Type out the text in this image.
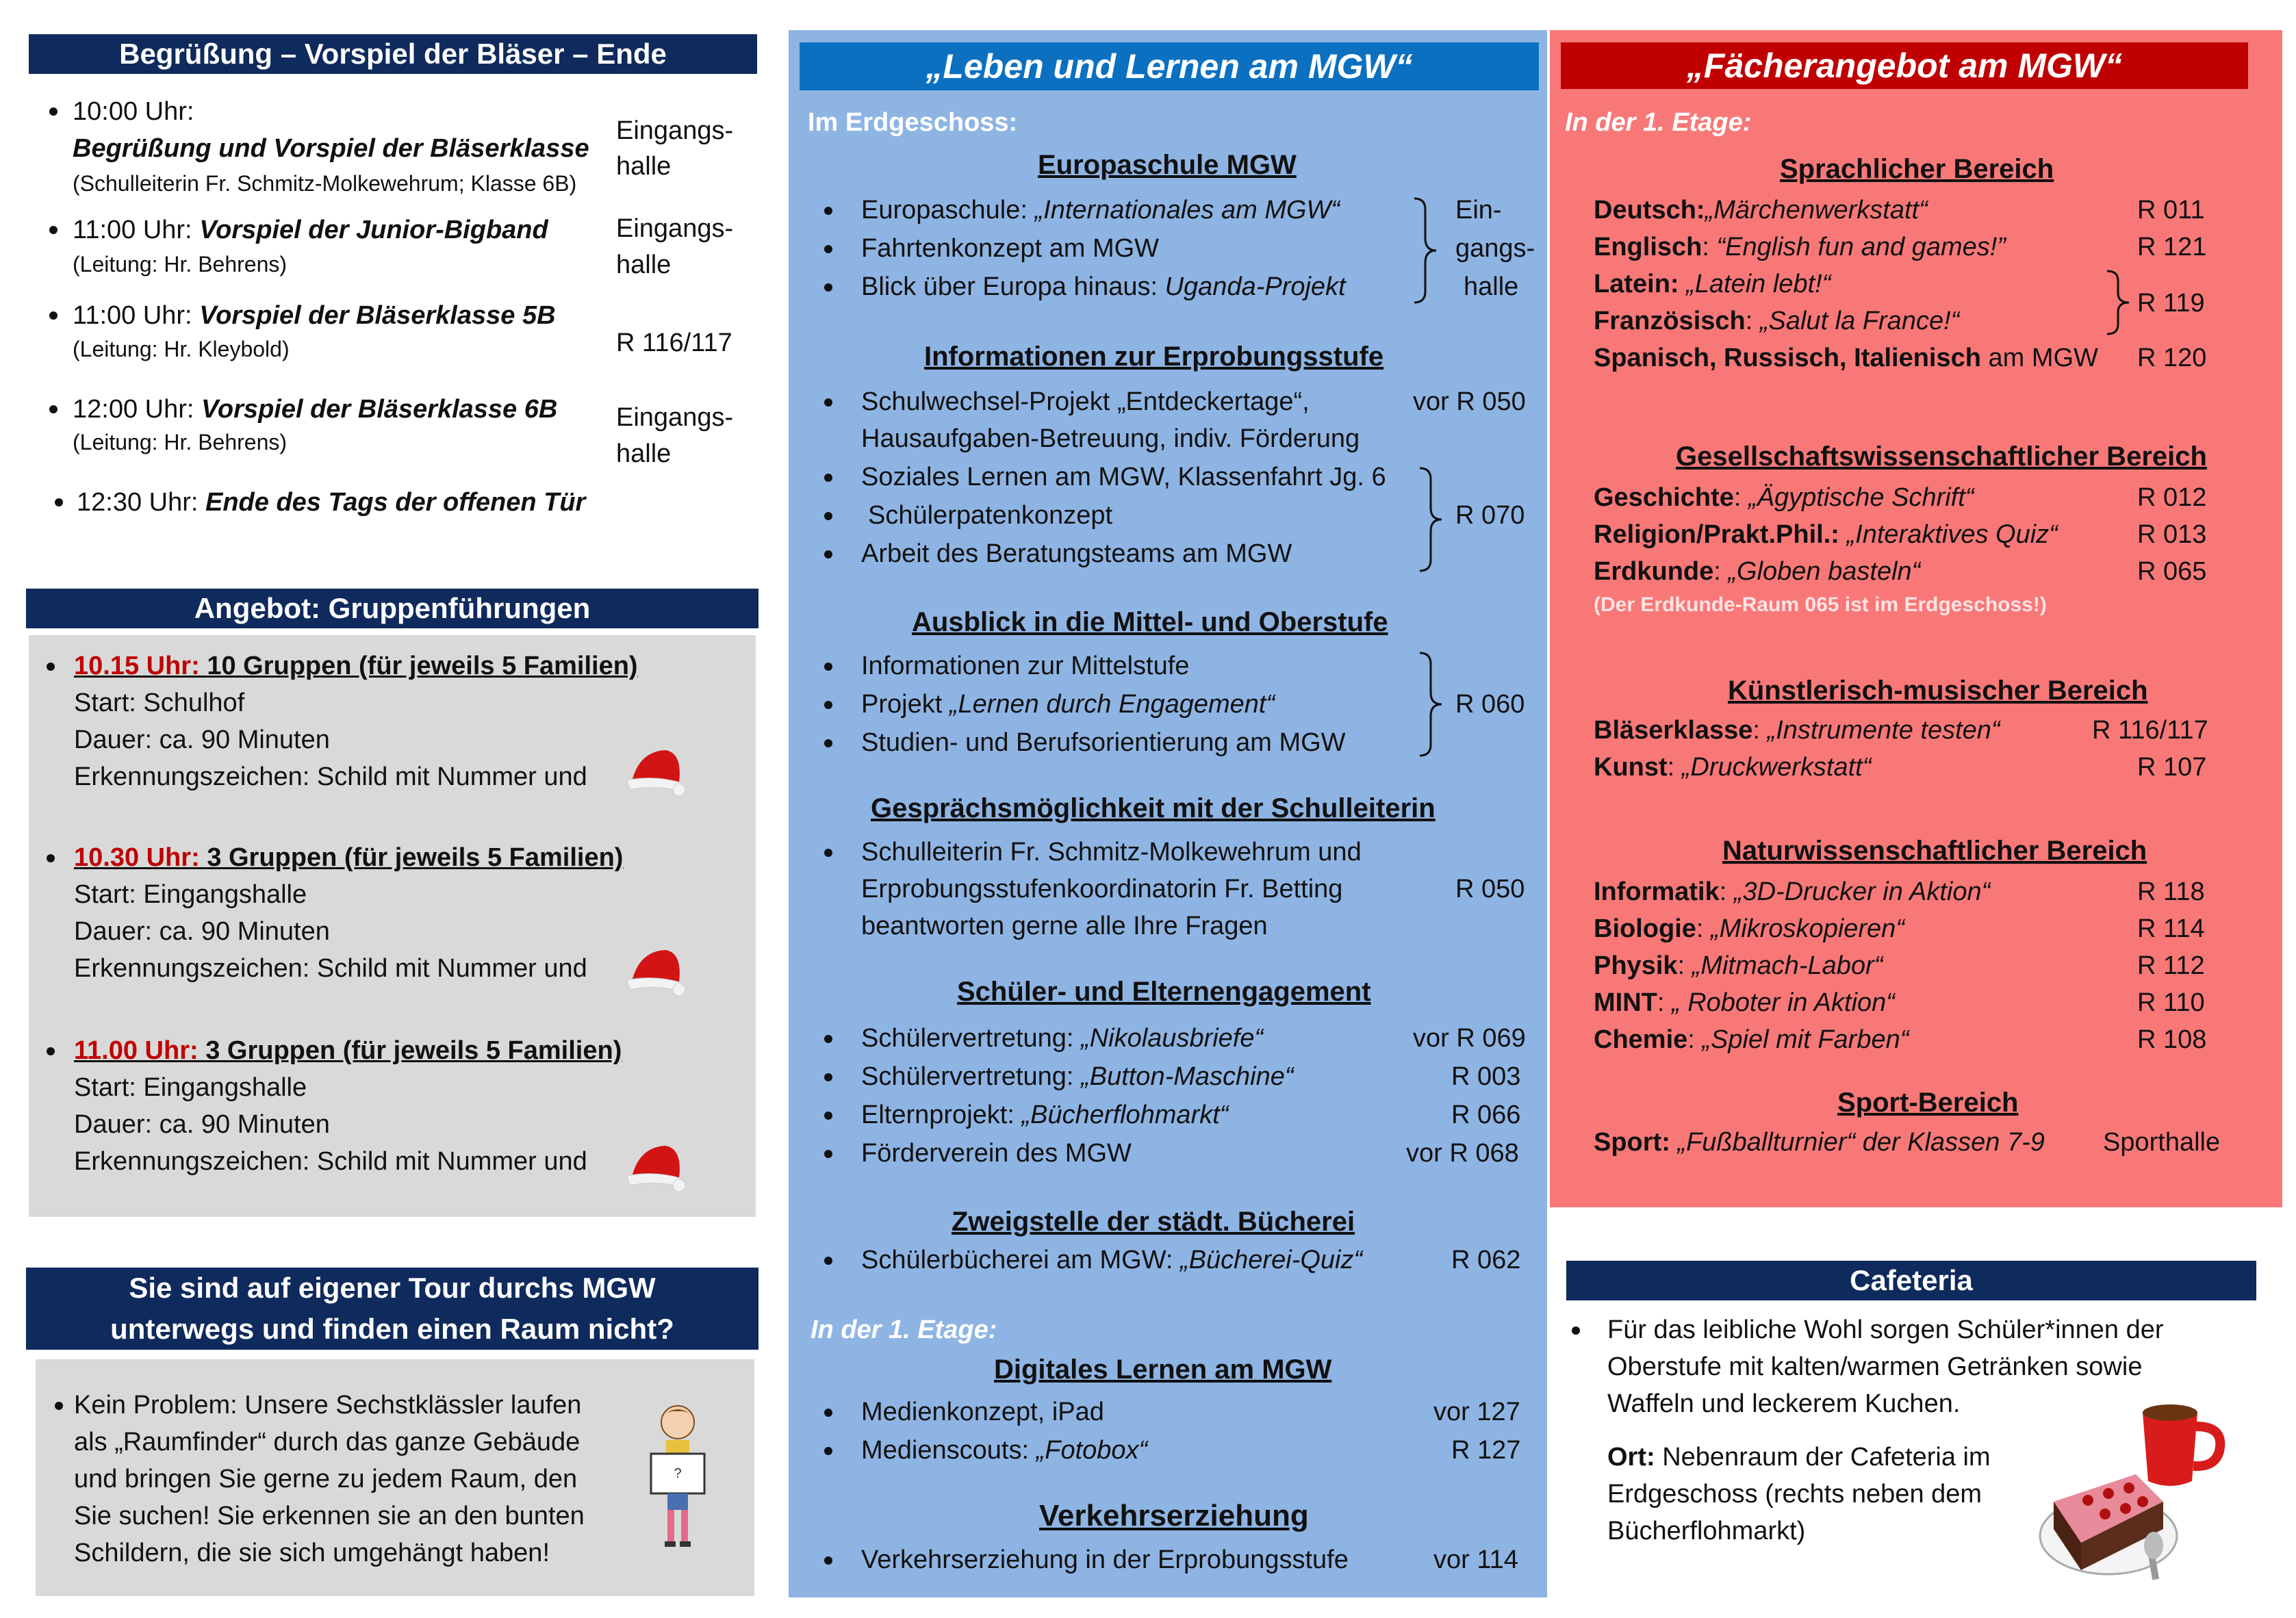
Begrüßung – Vorspiel der Bläser – Ende
10:00 Uhr:
Begrüßung und Vorspiel der Bläserklasse
(Schulleiterin Fr. Schmitz-Molkewehrum; Klasse 6B)
Eingangs-
halle
11:00 Uhr: Vorspiel der Junior-Bigband
(Leitung: Hr. Behrens)
Eingangs-
halle
11:00 Uhr: Vorspiel der Bläserklasse 5B
(Leitung: Hr. Kleybold)	R 116/117
12:00 Uhr: Vorspiel der Bläserklasse 6B
(Leitung: Hr. Behrens)
Eingangs-
halle
12:30 Uhr: Ende des Tags der offenen Tür
Angebot: Gruppenführungen
10.15 Uhr: 10 Gruppen (für jeweils 5 Familien)
Start: Schulhof
Dauer: ca. 90 Minuten
Erkennungszeichen: Schild mit Nummer und
10.30 Uhr: 3 Gruppen (für jeweils 5 Familien)
Start: Eingangshalle
Dauer: ca. 90 Minuten
Erkennungszeichen: Schild mit Nummer und
11.00 Uhr: 3 Gruppen (für jeweils 5 Familien)
Start: Eingangshalle
Dauer: ca. 90 Minuten
Erkennungszeichen: Schild mit Nummer und
Sie sind auf eigener Tour durchs MGW
unterwegs und finden einen Raum nicht?
Kein Problem: Unsere Sechstklässler laufen
als „Raumfinder“ durch das ganze Gebäude
und bringen Sie gerne zu jedem Raum, den
Sie suchen! Sie erkennen sie an den bunten
Schildern, die sie sich umgehängt haben!
?
„Leben und Lernen am MGW“
Im Erdgeschoss:
Europaschule MGW
Europaschule: „Internationales am MGW“
Fahrtenkonzept am MGW
Blick über Europa hinaus: Uganda-Projekt
Ein-
gangs-
halle
Informationen zur Erprobungsstufe
Schulwechsel-Projekt „Entdeckertage“,
Hausaufgaben-Betreuung, indiv. Förderung
vor R 050
Soziales Lernen am MGW, Klassenfahrt Jg. 6
Schülerpatenkonzept
Arbeit des Beratungsteams am MGW
R 070
Ausblick in die Mittel- und Oberstufe
Informationen zur Mittelstufe
Projekt „Lernen durch Engagement“
Studien- und Berufsorientierung am MGW
R 060
Gesprächsmöglichkeit mit der Schulleiterin
Schulleiterin Fr. Schmitz-Molkewehrum und
Erprobungsstufenkoordinatorin Fr. Betting
beantworten gerne alle Ihre Fragen
R 050
Schüler- und Elternengagement
Schülervertretung: „Nikolausbriefe“	vor R 069
Schülervertretung: „Button-Maschine“	R 003
Elternprojekt: „Bücherflohmarkt“	R 066
Förderverein des MGW	vor R 068
Zweigstelle der städt. Bücherei
Schülerbücherei am MGW: „Bücherei-Quiz“	R 062
In der 1. Etage:
Digitales Lernen am MGW
Medienkonzept, iPad	vor 127
Medienscouts: „Fotobox“	R 127
Verkehrserziehung
Verkehrserziehung in der Erprobungsstufe	vor 114
„Fächerangebot am MGW“
In der 1. Etage:
Sprachlicher Bereich
Deutsch:„Märchenwerkstatt“	R 011
Englisch: “English fun and games!”	R 121
Latein: „Latein lebt!“
Französisch: „Salut la France!“
R 119
Spanisch, Russisch, Italienisch am MGW R 120
Gesellschaftswissenschaftlicher Bereich
Geschichte: „Ägyptische Schrift“	R 012
Religion/Prakt.Phil.: „Interaktives Quiz“	R 013
Erdkunde: „Globen basteln“	R 065
(Der Erdkunde-Raum 065 ist im Erdgeschoss!)
Künstlerisch-musischer Bereich
Bläserklasse: „Instrumente testen“	R 116/117
Kunst: „Druckwerkstatt“	R 107
Naturwissenschaftlicher Bereich
Informatik: „3D-Drucker in Aktion“	R 118
Biologie: „Mikroskopieren“	R 114
Physik: „Mitmach-Labor“	R 112
MINT: „ Roboter in Aktion“	R 110
Chemie: „Spiel mit Farben“	R 108
Sport-Bereich
Sport: „Fußballturnier“ der Klassen 7-9 Sporthalle
Cafeteria
Für das leibliche Wohl sorgen Schüler*innen der
Oberstufe mit kalten/warmen Getränken sowie
Waffeln und leckerem Kuchen.
Ort: Nebenraum der Cafeteria im
Erdgeschoss (rechts neben dem
Bücherflohmarkt)
